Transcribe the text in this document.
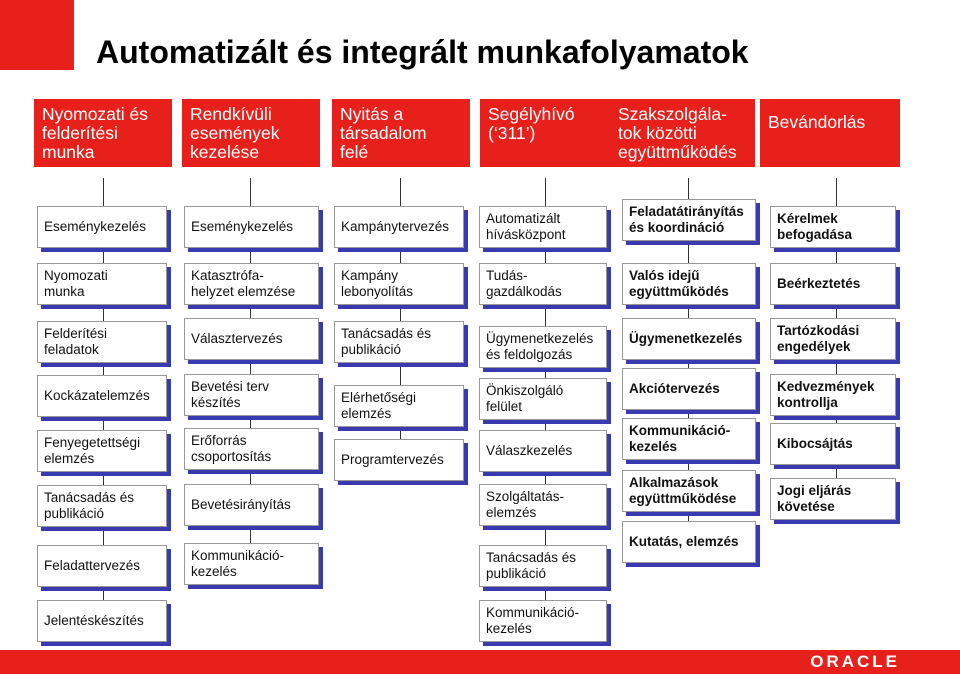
Automatizált és integrált munkafolyamatok
Nyomozati és
felderítési
munka
Eseménykezelés
Nyomozati
munka
Felderítési
feladatok
Kockázatelemzés
Fenyegetettségi
elemzés
Tanácsadás és
publikáció
Feladattervezés
Jelentéskészítés
Rendkívüli
események
kezelése
Eseménykezelés
Katasztrófa-
helyzet elemzése
Választervezés
Bevetési terv
készítés
Erőforrás
csoportosítás
Bevetésirányítás
Kommunikáció-
kezelés
Nyitás a
társadalom
felé
Kampánytervezés
Kampány
lebonyolítás
Tanácsadás és
publikáció
Elérhetőségi
elemzés
Programtervezés
Segélyhívó
(‘311’)
Automatizált
hívásközpont
Tudás-
gazdálkodás
Ügymenetkezelés
és feldolgozás
Önkiszolgáló
felület
Válaszkezelés
Szolgáltatás-
elemzés
Tanácsadás és
publikáció
Kommunikáció-
kezelés
Szakszolgála-
tok közötti
együttműködés
Feladatátirányítás
és koordináció
Valós idejű
együttműködés
Ügymenetkezelés
Akciótervezés
Kommunikáció-
kezelés
Alkalmazások
együttműködése
Kutatás, elemzés
Bevándorlás
Kérelmek
befogadása
Beérkeztetés
Tartózkodási
engedélyek
Kedvezmények
kontrollja
Kibocsájtás
Jogi eljárás
követése
ORACLE
